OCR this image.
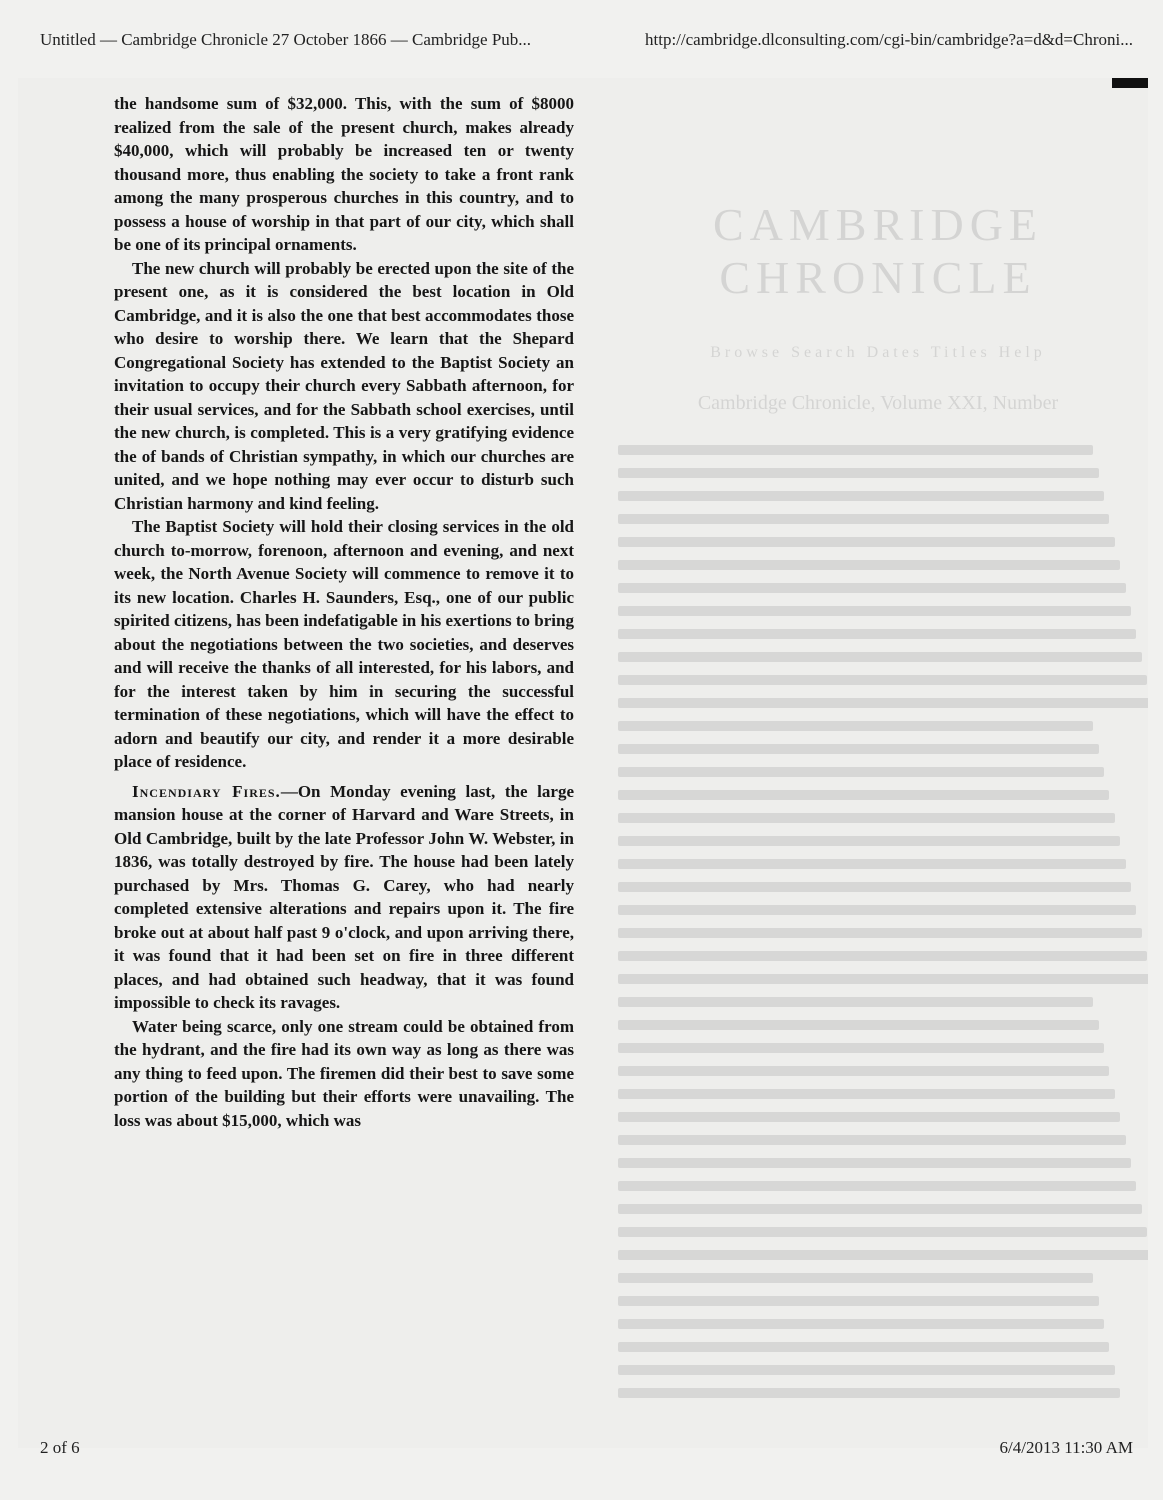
Untitled — Cambridge Chronicle 27 October 1866 — Cambridge Pub...	http://cambridge.dlconsulting.com/cgi-bin/cambridge?a=d&d=Chroni...
CAMBRIDGE CHRONICLE
Browse Search Dates Titles Help
Cambridge Chronicle, Volume XXI, Number

the handsome sum of $32,000. This, with the sum of $8000 realized from the sale of the present church, makes already $40,000, which will probably be increased ten or twenty thousand more, thus enabling the society to take a front rank among the many prosperous churches in this country, and to possess a house of worship in that part of our city, which shall be one of its principal ornaments.

The new church will probably be erected upon the site of the present one, as it is considered the best location in Old Cambridge, and it is also the one that best accommodates those who desire to worship there. We learn that the Shepard Congregational Society has extended to the Baptist Society an invitation to occupy their church every Sabbath afternoon, for their usual services, and for the Sabbath school exercises, until the new church, is completed. This is a very gratifying evidence the of bands of Christian sympathy, in which our churches are united, and we hope nothing may ever occur to disturb such Christian harmony and kind feeling.

The Baptist Society will hold their closing services in the old church to-morrow, forenoon, afternoon and evening, and next week, the North Avenue Society will commence to remove it to its new location. Charles H. Saunders, Esq., one of our public spirited citizens, has been indefatigable in his exertions to bring about the negotiations between the two societies, and deserves and will receive the thanks of all interested, for his labors, and for the interest taken by him in securing the successful termination of these negotiations, which will have the effect to adorn and beautify our city, and render it a more desirable place of residence.

Incendiary Fires.—On Monday evening last, the large mansion house at the corner of Harvard and Ware Streets, in Old Cambridge, built by the late Professor John W. Webster, in 1836, was totally destroyed by fire. The house had been lately purchased by Mrs. Thomas G. Carey, who had nearly completed extensive alterations and repairs upon it. The fire broke out at about half past 9 o'clock, and upon arriving there, it was found that it had been set on fire in three different places, and had obtained such headway, that it was found impossible to check its ravages.

Water being scarce, only one stream could be obtained from the hydrant, and the fire had its own way as long as there was any thing to feed upon. The firemen did their best to save some portion of the building but their efforts were unavailing. The loss was about $15,000, which was

2 of 6	6/4/2013 11:30 AM
